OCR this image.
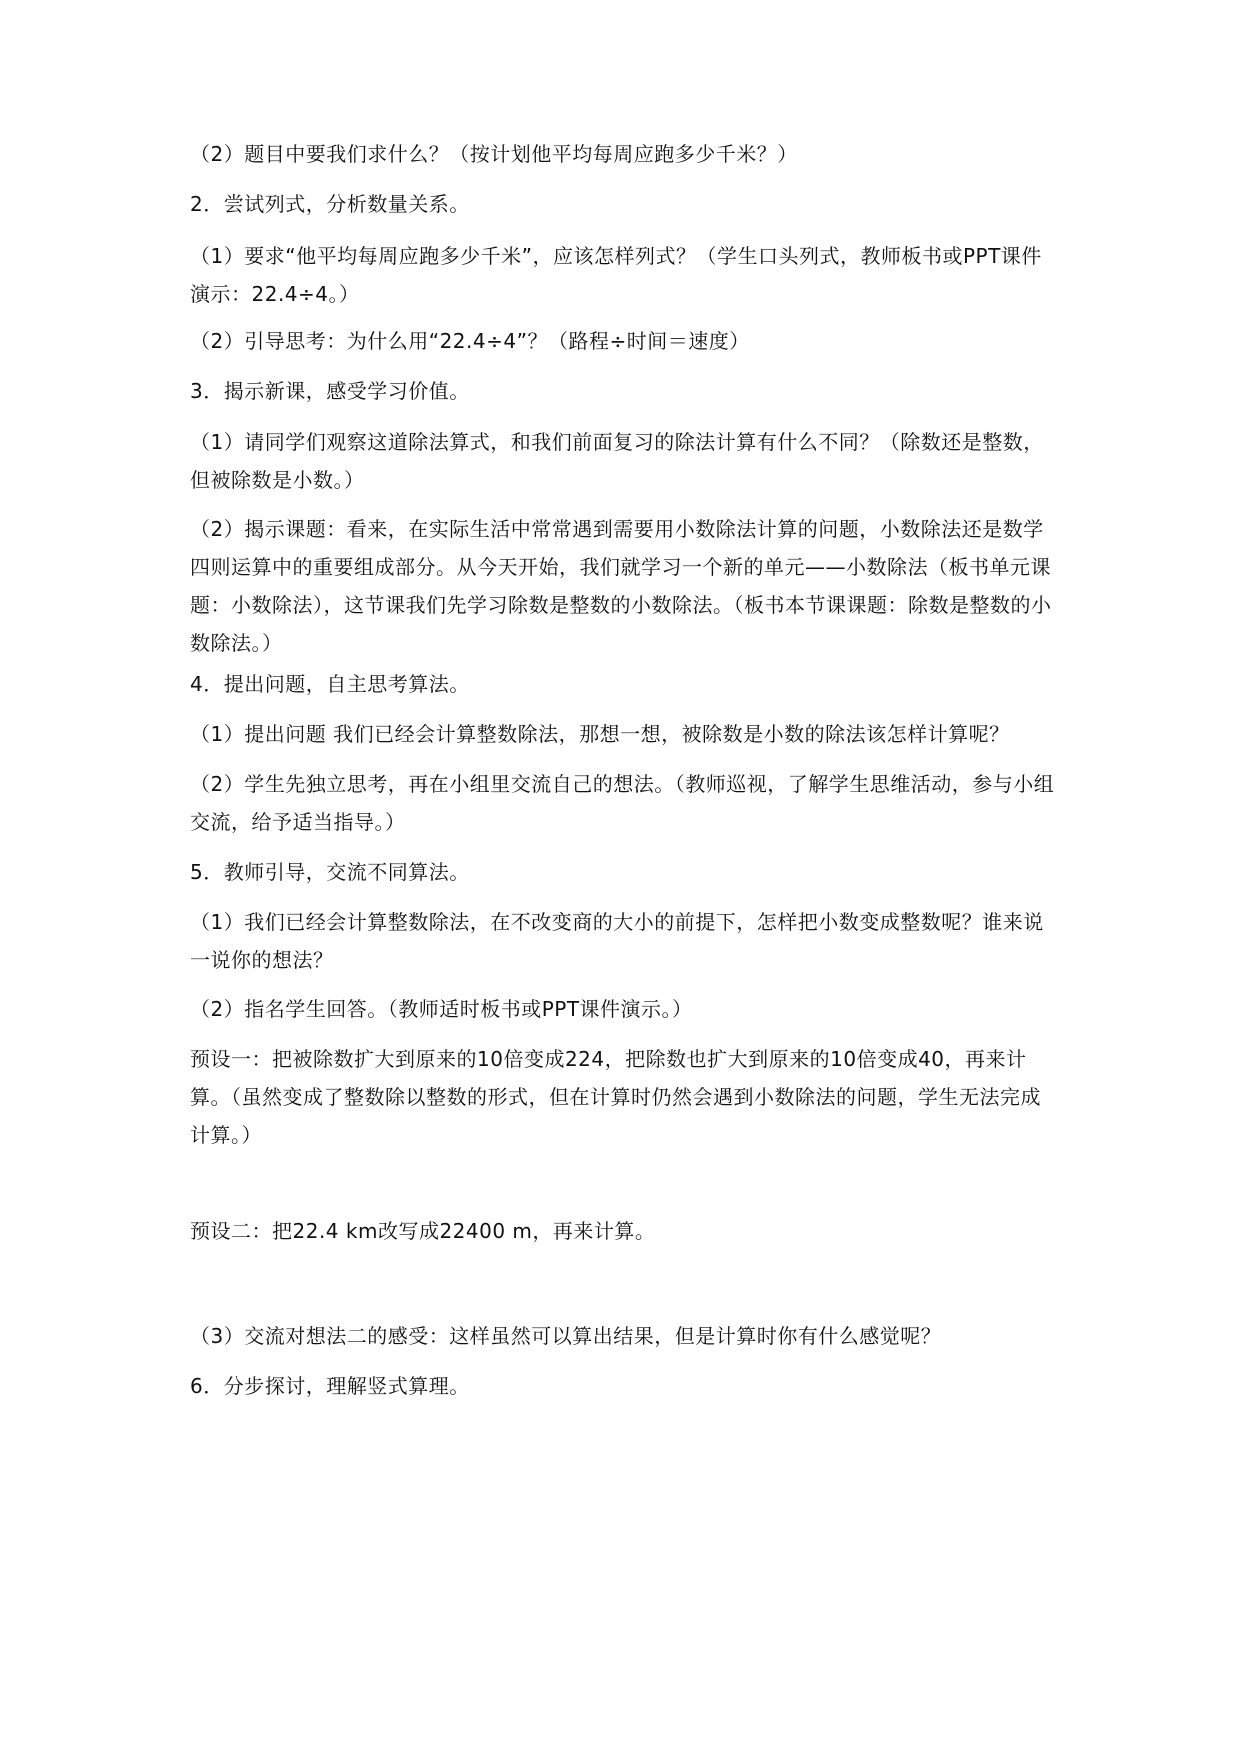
（2）题目中要我们求什么？（按计划他平均每周应跑多少千米？）
2．尝试列式，分析数量关系。
（1）要求“他平均每周应跑多少千米”，应该怎样列式？（学生口头列式，教师板书或PPT课件演示：22.4÷4。）
（2）引导思考：为什么用“22.4÷4”？（路程÷时间＝速度）
3．揭示新课，感受学习价值。
（1）请同学们观察这道除法算式，和我们前面复习的除法计算有什么不同？（除数还是整数，但被除数是小数。）
（2）揭示课题：看来，在实际生活中常常遇到需要用小数除法计算的问题，小数除法还是数学四则运算中的重要组成部分。从今天开始，我们就学习一个新的单元——小数除法（板书单元课题：小数除法），这节课我们先学习除数是整数的小数除法。（板书本节课课题：除数是整数的小数除法。）
4．提出问题，自主思考算法。
（1）提出问题 我们已经会计算整数除法，那想一想，被除数是小数的除法该怎样计算呢？
（2）学生先独立思考，再在小组里交流自己的想法。（教师巡视，了解学生思维活动，参与小组交流，给予适当指导。）
5．教师引导，交流不同算法。
（1）我们已经会计算整数除法，在不改变商的大小的前提下，怎样把小数变成整数呢？谁来说一说你的想法？
（2）指名学生回答。（教师适时板书或PPT课件演示。）
预设一：把被除数扩大到原来的10倍变成224，把除数也扩大到原来的10倍变成40，再来计算。（虽然变成了整数除以整数的形式，但在计算时仍然会遇到小数除法的问题，学生无法完成计算。）
预设二：把22.4 km改写成22400 m，再来计算。
（3）交流对想法二的感受：这样虽然可以算出结果，但是计算时你有什么感觉呢？
6．分步探讨，理解竖式算理。
